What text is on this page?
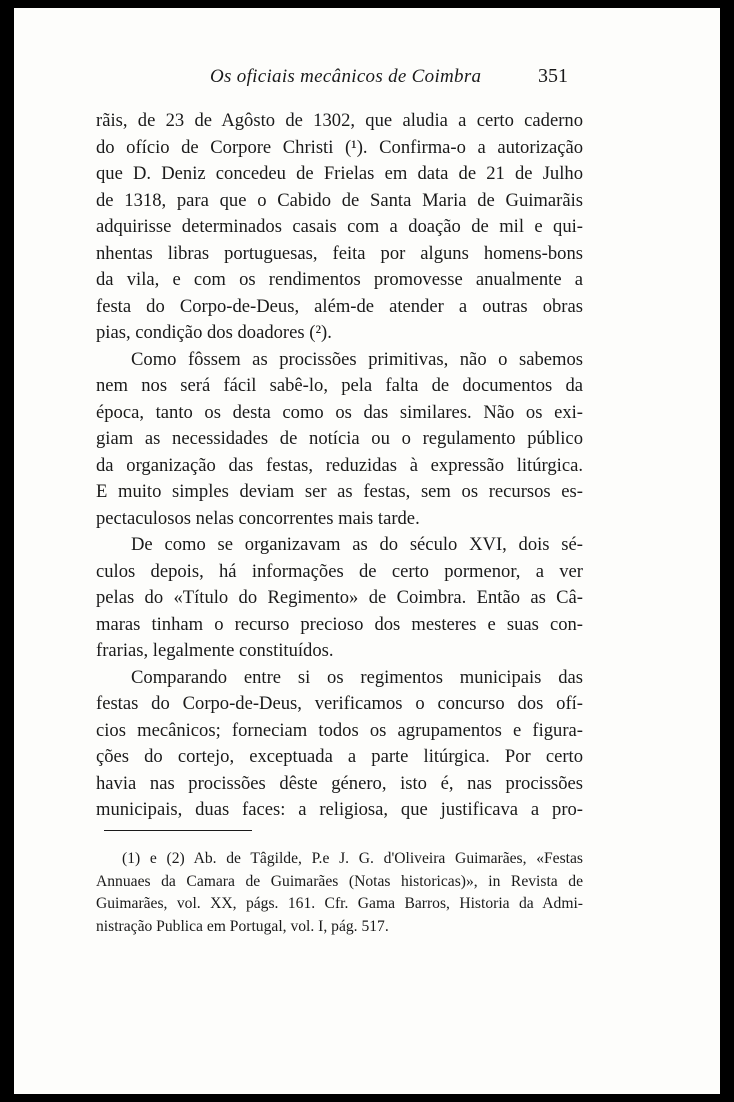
Os oficiais mecânicos de Coimbra	351
rãis, de 23 de Agôsto de 1302, que aludia a certo caderno
do ofício de Corpore Christi (¹). Confirma-o a autorização
que D. Deniz concedeu de Frielas em data de 21 de Julho
de 1318, para que o Cabido de Santa Maria de Guimarãis
adquirisse determinados casais com a doação de mil e qui-
nhentas libras portuguesas, feita por alguns homens-bons
da vila, e com os rendimentos promovesse anualmente a
festa do Corpo-de-Deus, além-de atender a outras obras
pias, condição dos doadores (²).
Como fôssem as procissões primitivas, não o sabemos
nem nos será fácil sabê-lo, pela falta de documentos da
época, tanto os desta como os das similares. Não os exi-
giam as necessidades de notícia ou o regulamento público
da organização das festas, reduzidas à expressão litúrgica.
E muito simples deviam ser as festas, sem os recursos es-
pectaculosos nelas concorrentes mais tarde.
De como se organizavam as do século XVI, dois sé-
culos depois, há informações de certo pormenor, a ver
pelas do «Título do Regimento» de Coimbra. Então as Câ-
maras tinham o recurso precioso dos mesteres e suas con-
frarias, legalmente constituídos.
Comparando entre si os regimentos municipais das
festas do Corpo-de-Deus, verificamos o concurso dos ofí-
cios mecânicos; forneciam todos os agrupamentos e figura-
ções do cortejo, exceptuada a parte litúrgica. Por certo
havia nas procissões dêste género, isto é, nas procissões
municipais, duas faces: a religiosa, que justificava a pro-
(1) e (2) Ab. de Tâgilde, P.e J. G. d'Oliveira Guimarães, «Festas
Annuaes da Camara de Guimarães (Notas historicas)», in Revista de
Guimarães, vol. XX, págs. 161. Cfr. Gama Barros, Historia da Admi-
nistração Publica em Portugal, vol. I, pág. 517.
